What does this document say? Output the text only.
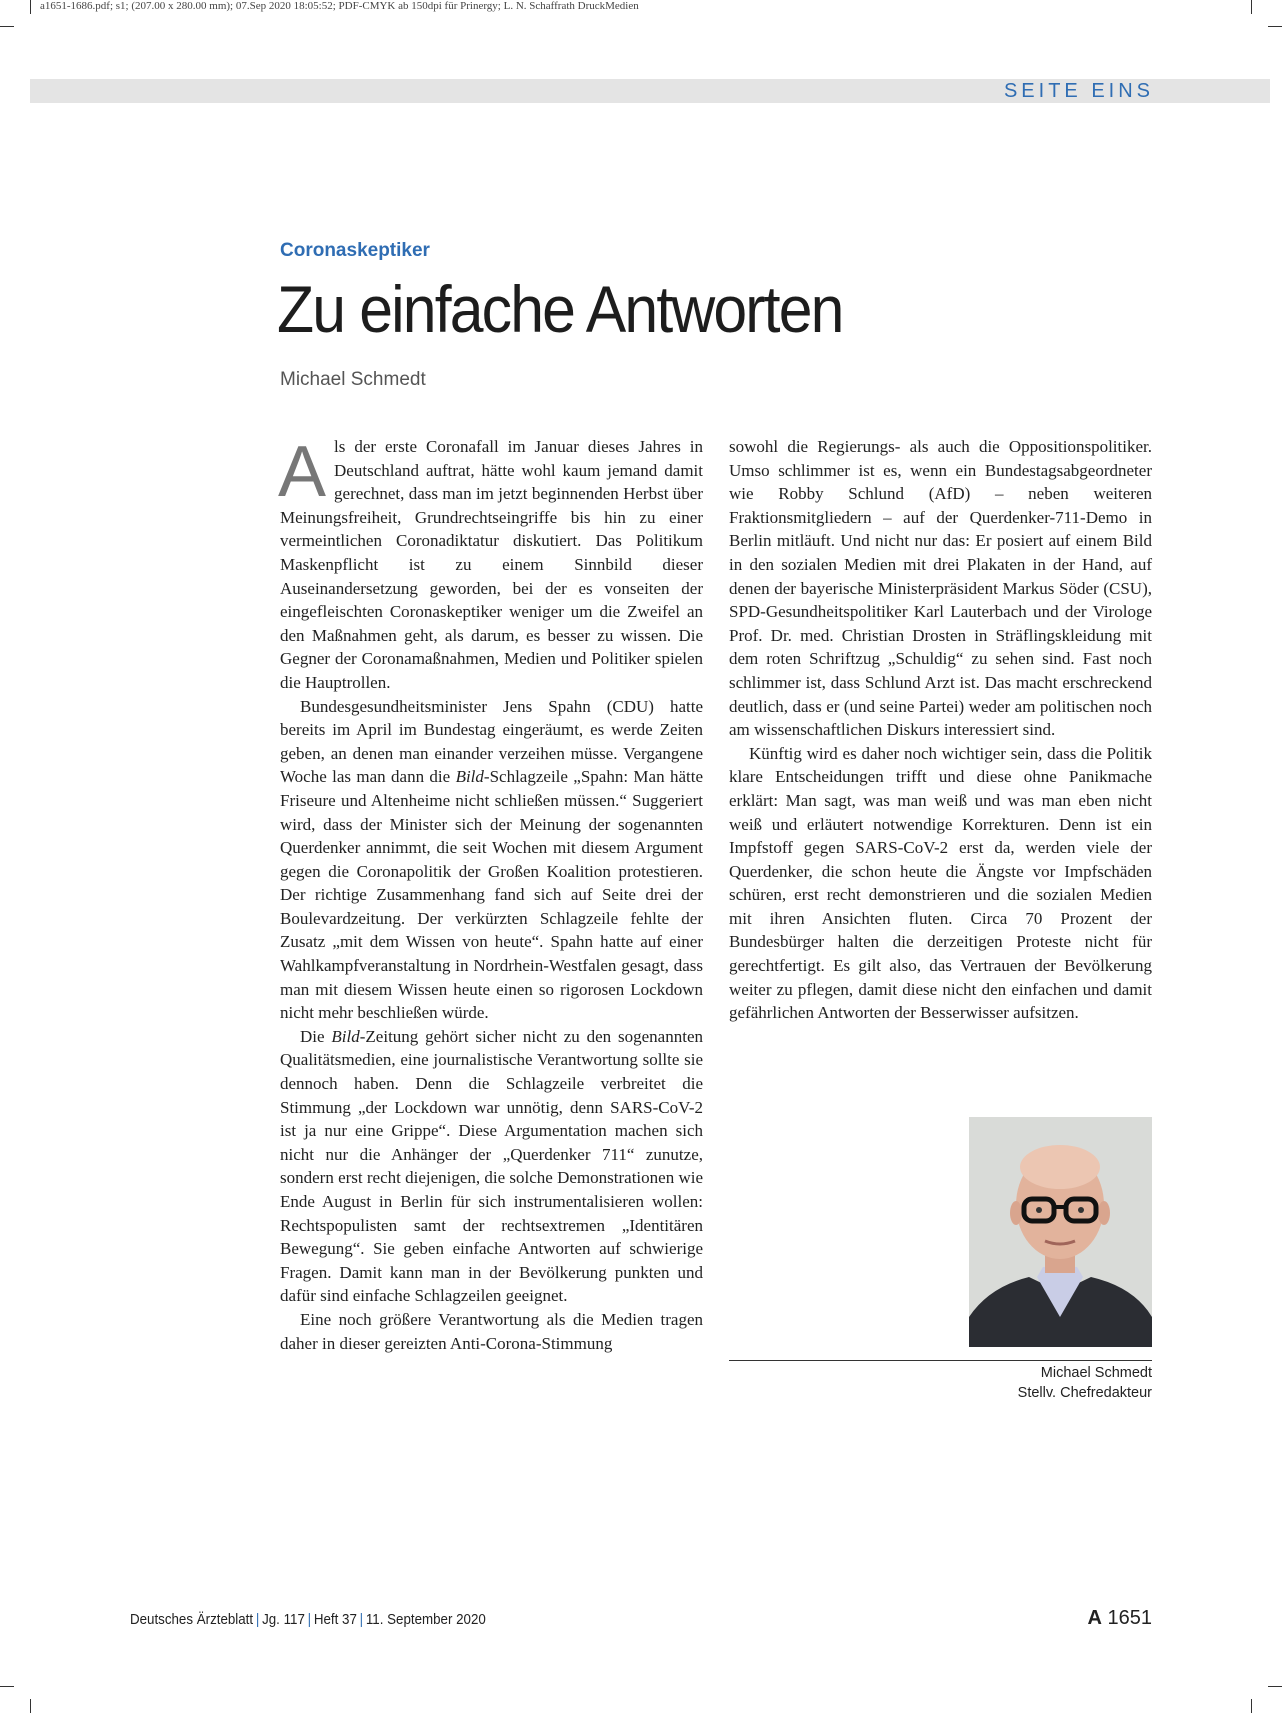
a1651-1686.pdf; s1; (207.00 x 280.00 mm); 07.Sep 2020 18:05:52; PDF-CMYK ab 150dpi für Prinergy; L. N. Schaffrath DruckMedien
SEITE EINS
Coronaskeptiker
Zu einfache Antworten
Michael Schmedt

Als der erste Coronafall im Januar dieses Jahres in Deutschland auftrat, hätte wohl kaum jemand damit gerechnet, dass man im jetzt beginnenden Herbst über Meinungsfreiheit, Grundrechtseingriffe bis hin zu einer vermeintlichen Coronadiktatur diskutiert. Das Politikum Maskenpflicht ist zu einem Sinnbild dieser Auseinandersetzung geworden, bei der es vonseiten der eingefleischten Coronaskeptiker weniger um die Zweifel an den Maßnahmen geht, als darum, es besser zu wissen. Die Gegner der Coronamaßnahmen, Medien und Politiker spielen die Hauptrollen.

Bundesgesundheitsminister Jens Spahn (CDU) hatte bereits im April im Bundestag eingeräumt, es werde Zeiten geben, an denen man einander verzeihen müsse. Vergangene Woche las man dann die Bild-Schlagzeile „Spahn: Man hätte Friseure und Altenheime nicht schließen müssen.“ Suggeriert wird, dass der Minister sich der Meinung der sogenannten Querdenker annimmt, die seit Wochen mit diesem Argument gegen die Coronapolitik der Großen Koalition protestieren. Der richtige Zusammenhang fand sich auf Seite drei der Boulevardzeitung. Der verkürzten Schlagzeile fehlte der Zusatz „mit dem Wissen von heute“. Spahn hatte auf einer Wahlkampfveranstaltung in Nordrhein-Westfalen gesagt, dass man mit diesem Wissen heute einen so rigorosen Lockdown nicht mehr beschließen würde.

Die Bild-Zeitung gehört sicher nicht zu den sogenannten Qualitätsmedien, eine journalistische Verantwortung sollte sie dennoch haben. Denn die Schlagzeile verbreitet die Stimmung „der Lockdown war unnötig, denn SARS-CoV-2 ist ja nur eine Grippe“. Diese Argumentation machen sich nicht nur die Anhänger der „Querdenker 711“ zunutze, sondern erst recht diejenigen, die solche Demonstrationen wie Ende August in Berlin für sich instrumentalisieren wollen: Rechtspopulisten samt der rechtsextremen „Identitären Bewegung“. Sie geben einfache Antworten auf schwierige Fragen. Damit kann man in der Bevölkerung punkten und dafür sind einfache Schlagzeilen geeignet.

Eine noch größere Verantwortung als die Medien tragen daher in dieser gereizten Anti-Corona-Stimmung

sowohl die Regierungs- als auch die Oppositionspolitiker. Umso schlimmer ist es, wenn ein Bundestagsabgeordneter wie Robby Schlund (AfD) – neben weiteren Fraktionsmitgliedern – auf der Querdenker-711-Demo in Berlin mitläuft. Und nicht nur das: Er posiert auf einem Bild in den sozialen Medien mit drei Plakaten in der Hand, auf denen der bayerische Ministerpräsident Markus Söder (CSU), SPD-Gesundheitspolitiker Karl Lauterbach und der Virologe Prof. Dr. med. Christian Drosten in Sträflingskleidung mit dem roten Schriftzug „Schuldig“ zu sehen sind. Fast noch schlimmer ist, dass Schlund Arzt ist. Das macht erschreckend deutlich, dass er (und seine Partei) weder am politischen noch am wissenschaftlichen Diskurs interessiert sind.

Künftig wird es daher noch wichtiger sein, dass die Politik klare Entscheidungen trifft und diese ohne Panikmache erklärt: Man sagt, was man weiß und was man eben nicht weiß und erläutert notwendige Korrekturen. Denn ist ein Impfstoff gegen SARS-CoV-2 erst da, werden viele der Querdenker, die schon heute die Ängste vor Impfschäden schüren, erst recht demonstrieren und die sozialen Medien mit ihren Ansichten fluten. Circa 70 Prozent der Bundesbürger halten die derzeitigen Proteste nicht für gerechtfertigt. Es gilt also, das Vertrauen der Bevölkerung weiter zu pflegen, damit diese nicht den einfachen und damit gefährlichen Antworten der Besserwisser aufsitzen.

Michael Schmedt
Stellv. Chefredakteur
Deutsches Ärzteblatt | Jg. 117 | Heft 37 | 11. September 2020	A 1651
